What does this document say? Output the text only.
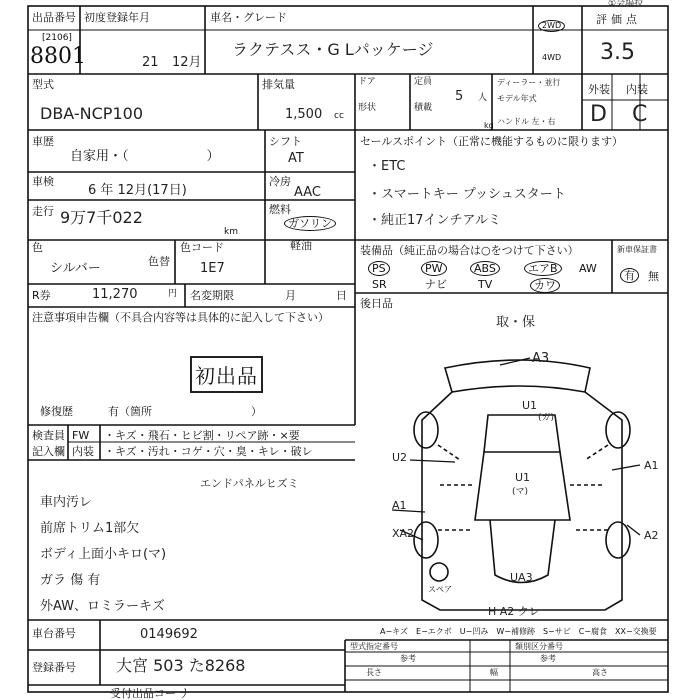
出品番号
[2106]
8801
初度登録年月
21 12月
車名・グレード
ラクテスス・G Lパッケージ
2WD
4WD
①会場拉
評価点
3.5
外装 内装
D C
型式
DBA-NCP100
排気量
1,500 cc
ドア
形状
定員
5 人
積載
kg
ディーラー・並行
モデル年式
ハンドル 左・右
車歴
自家用・（　　　　　　）
シフト
AT
車検
6 年 12月(17日)
冷房
AAC
走行 9万7千022
km
燃料
ガソリン
軽油
色
シルバー	色替
色コード
1E7
セールスポイント（正常に機能するものに限ります）
・ETC
・スマートキー プッシュスタート
・純正17インチアルミ
装備品（純正品の場合は○をつけて下さい）
PS	PW	ABS	エアB	AW
SR	ナビ	TV	カワ
新車保証書
有	無
R券	11,270	円 名変期限	月	日
注意事項申告欄（不具合内容等は具体的に記入して下さい）
初出品
修復歴	有（箇所　　　　　　　　　）
後日品
取・保
検査員
記入欄
FW ・キズ・飛石・ヒビ割・リペア跡・×要
内装 ・キズ・汚れ・コゲ・穴・臭・キレ・破レ
エンドパネルヒズミ
車内汚レ
前席トリム1部欠
ボディ上面小キロ(マ)
ガラ 傷 有
外AW、ロミラーキズ
A3
U1
(ガ)
U2
U1
(マ)
A1
A1
XA2	A2
UA3
スペア
H A2 クレ
A−キズ　E−エクボ　U−凹み　W−補修跡　S−サビ　C−腐食　XX−交換要
車台番号	0149692
登録番号	大宮 503 た8268
型式指定番号	類別区分番号
参考	参考
長さ	幅	高さ
受付出品コー ナ
